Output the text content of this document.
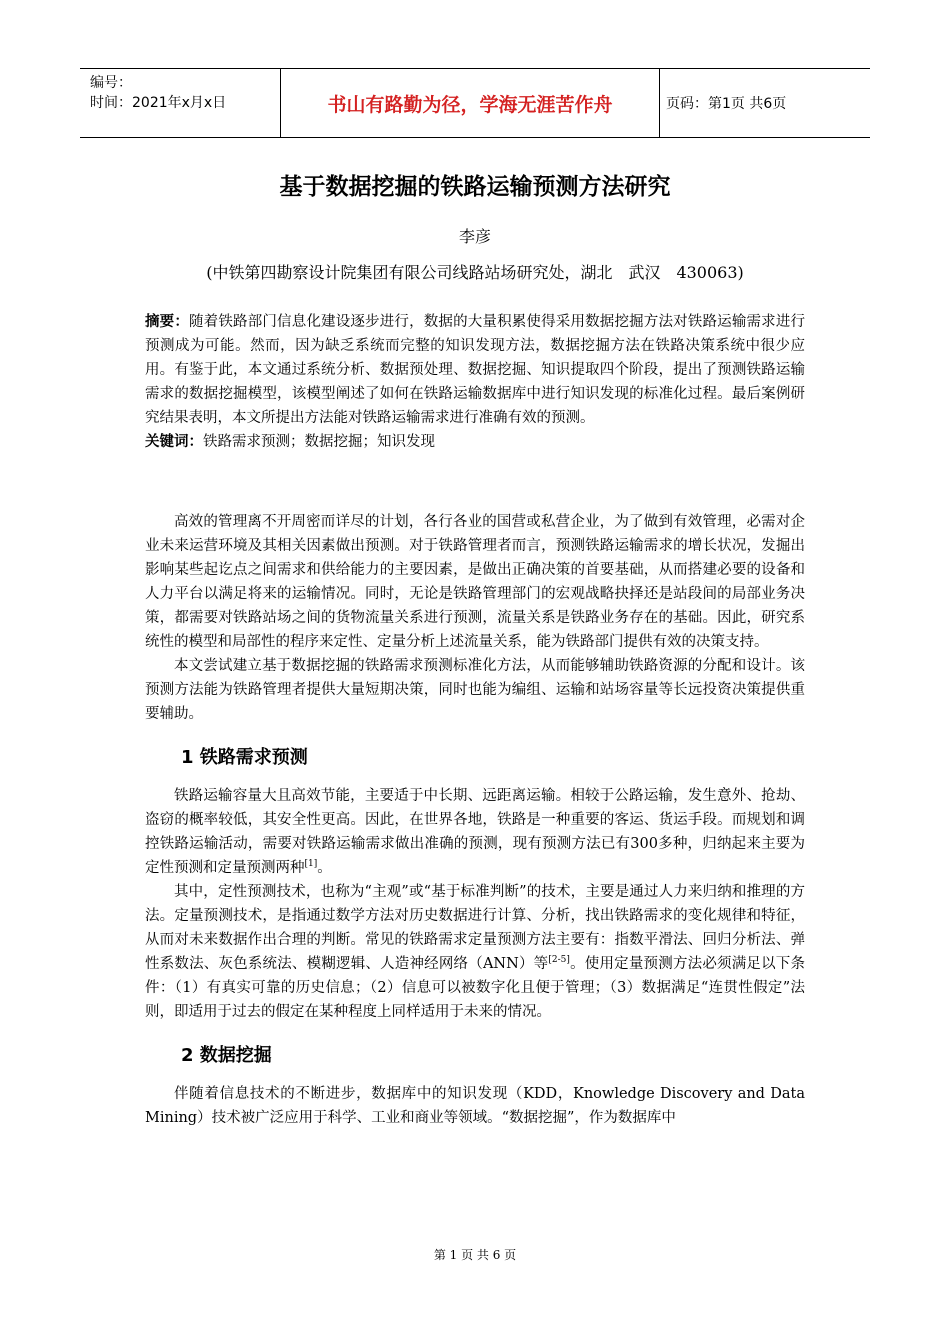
编号：
时间：2021年x月x日	书山有路勤为径，学海无涯苦作舟	页码：第1页 共6页
基于数据挖掘的铁路运输预测方法研究
李彦
(中铁第四勘察设计院集团有限公司线路站场研究处，湖北　武汉　430063)

摘要：随着铁路部门信息化建设逐步进行，数据的大量积累使得采用数据挖掘方法对铁路运输需求进行预测成为可能。然而，因为缺乏系统而完整的知识发现方法，数据挖掘方法在铁路决策系统中很少应用。有鉴于此，本文通过系统分析、数据预处理、数据挖掘、知识提取四个阶段，提出了预测铁路运输需求的数据挖掘模型，该模型阐述了如何在铁路运输数据库中进行知识发现的标准化过程。最后案例研究结果表明，本文所提出方法能对铁路运输需求进行准确有效的预测。

关键词：铁路需求预测；数据挖掘；知识发现

高效的管理离不开周密而详尽的计划，各行各业的国营或私营企业，为了做到有效管理，必需对企业未来运营环境及其相关因素做出预测。对于铁路管理者而言，预测铁路运输需求的增长状况，发掘出影响某些起讫点之间需求和供给能力的主要因素，是做出正确决策的首要基础，从而搭建必要的设备和人力平台以满足将来的运输情况。同时，无论是铁路管理部门的宏观战略抉择还是站段间的局部业务决策，都需要对铁路站场之间的货物流量关系进行预测，流量关系是铁路业务存在的基础。因此，研究系统性的模型和局部性的程序来定性、定量分析上述流量关系，能为铁路部门提供有效的决策支持。

本文尝试建立基于数据挖掘的铁路需求预测标准化方法，从而能够辅助铁路资源的分配和设计。该预测方法能为铁路管理者提供大量短期决策，同时也能为编组、运输和站场容量等长远投资决策提供重要辅助。

1 铁路需求预测

铁路运输容量大且高效节能，主要适于中长期、远距离运输。相较于公路运输，发生意外、抢劫、盗窃的概率较低，其安全性更高。因此，在世界各地，铁路是一种重要的客运、货运手段。而规划和调控铁路运输活动，需要对铁路运输需求做出准确的预测，现有预测方法已有300多种，归纳起来主要为定性预测和定量预测两种[1]。

其中，定性预测技术，也称为“主观”或“基于标准判断”的技术，主要是通过人力来归纳和推理的方法。定量预测技术，是指通过数学方法对历史数据进行计算、分析，找出铁路需求的变化规律和特征，从而对未来数据作出合理的判断。常见的铁路需求定量预测方法主要有：指数平滑法、回归分析法、弹性系数法、灰色系统法、模糊逻辑、人造神经网络（ANN）等[2-5]。使用定量预测方法必须满足以下条件：（1）有真实可靠的历史信息；（2）信息可以被数字化且便于管理；（3）数据满足“连贯性假定”法则，即适用于过去的假定在某种程度上同样适用于未来的情况。

2 数据挖掘

伴随着信息技术的不断进步，数据库中的知识发现（KDD，Knowledge Discovery and Data Mining）技术被广泛应用于科学、工业和商业等领域。“数据挖掘”，作为数据库中

第 1 页 共 6 页
